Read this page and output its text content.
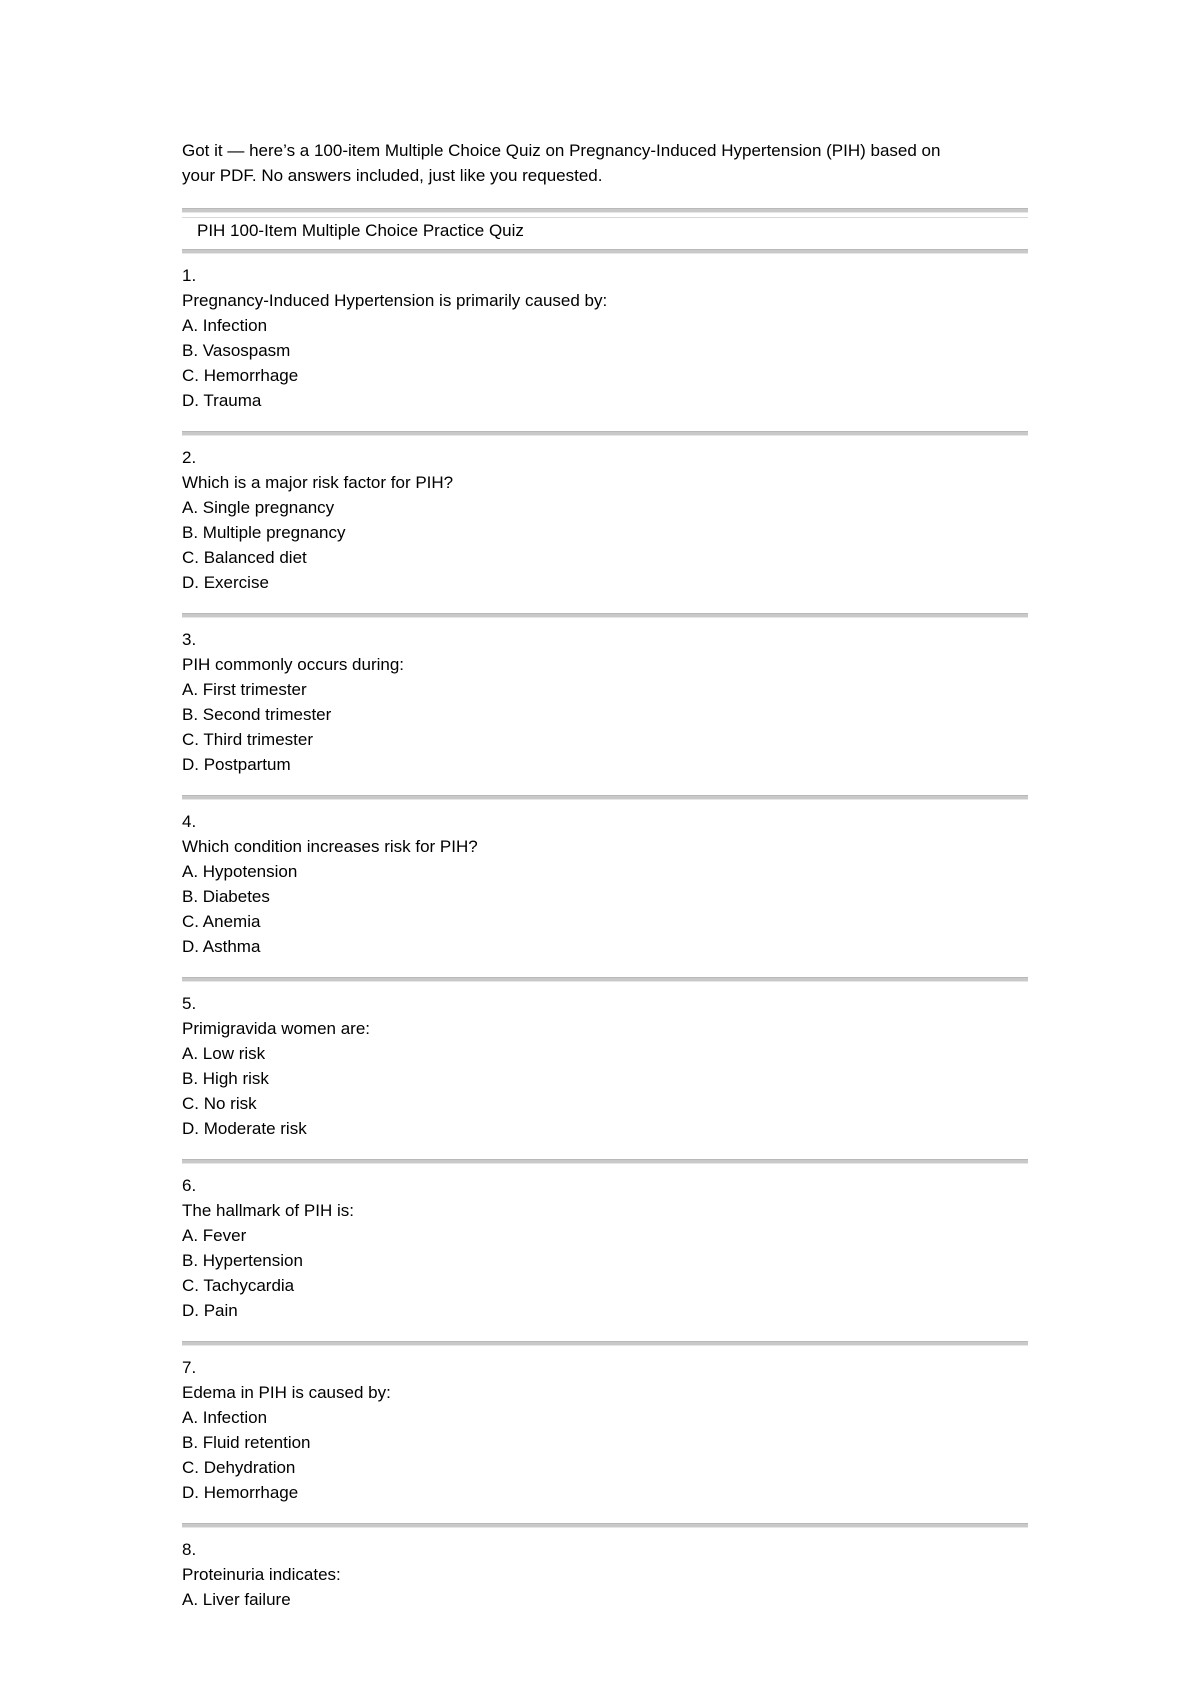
Got it — here’s a 100-item Multiple Choice Quiz on Pregnancy-Induced Hypertension (PIH) based on
your PDF. No answers included, just like you requested.

PIH 100-Item Multiple Choice Practice Quiz
1.
Pregnancy-Induced Hypertension is primarily caused by:
A. Infection
B. Vasospasm
C. Hemorrhage
D. Trauma
2.
Which is a major risk factor for PIH?
A. Single pregnancy
B. Multiple pregnancy
C. Balanced diet
D. Exercise
3.
PIH commonly occurs during:
A. First trimester
B. Second trimester
C. Third trimester
D. Postpartum
4.
Which condition increases risk for PIH?
A. Hypotension
B. Diabetes
C. Anemia
D. Asthma
5.
Primigravida women are:
A. Low risk
B. High risk
C. No risk
D. Moderate risk
6.
The hallmark of PIH is:
A. Fever
B. Hypertension
C. Tachycardia
D. Pain
7.
Edema in PIH is caused by:
A. Infection
B. Fluid retention
C. Dehydration
D. Hemorrhage
8.
Proteinuria indicates:
A. Liver failure
